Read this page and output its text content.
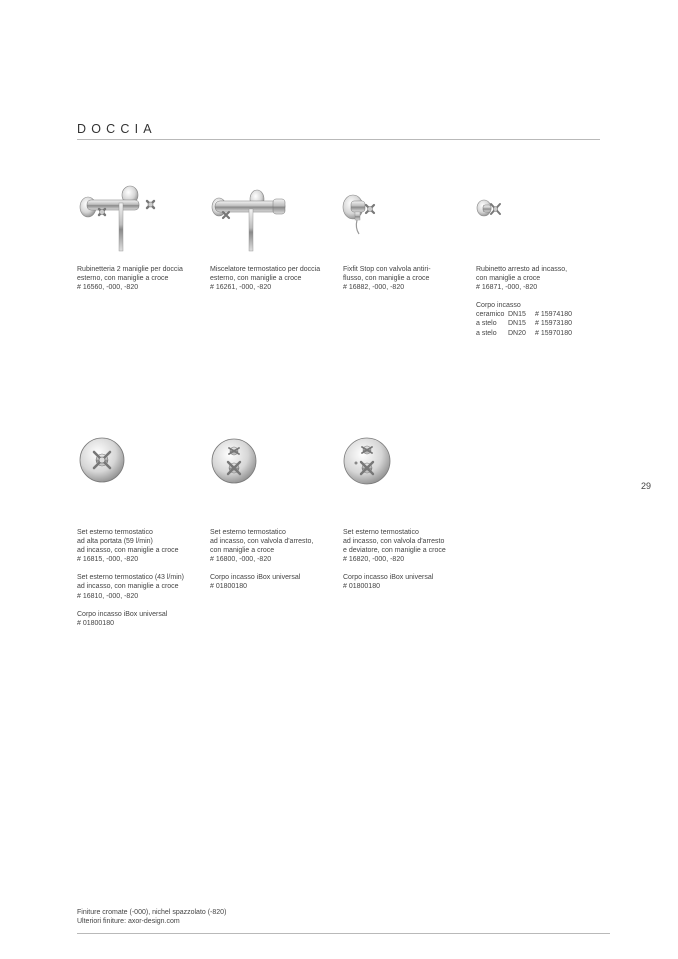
DOCCIA

Rubinetteria 2 maniglie per doccia

esterno, con maniglie a croce

# 16560, -000, -820

Miscelatore termostatico per doccia

esterno, con maniglie a croce

# 16261, -000, -820

Fixfit Stop con valvola antiri-

flusso, con maniglie a croce

# 16882, -000, -820

Rubinetto arresto ad incasso,

con maniglie a croce

# 16871, -000, -820

Corpo incasso

ceramico DN15	# 15974180
a stelo	DN15	# 15973180
a stelo	DN20	# 15970180
29

Set esterno termostatico

ad alta portata (59 l/min)

ad incasso, con maniglie a croce

# 16815, -000, -820

Set esterno termostatico (43 l/min)

ad incasso, con maniglie a croce

# 16810, -000, -820

Corpo incasso iBox universal

# 01800180

Set esterno termostatico

ad incasso, con valvola d'arresto,

con maniglie a croce

# 16800, -000, -820

Corpo incasso iBox universal

# 01800180

Set esterno termostatico

ad incasso, con valvola d'arresto

e deviatore, con maniglie a croce

# 16820, -000, -820

Corpo incasso iBox universal

# 01800180

Finiture cromate (-000), nichel spazzolato (-820)
Ulteriori finiture: axor-design.com
